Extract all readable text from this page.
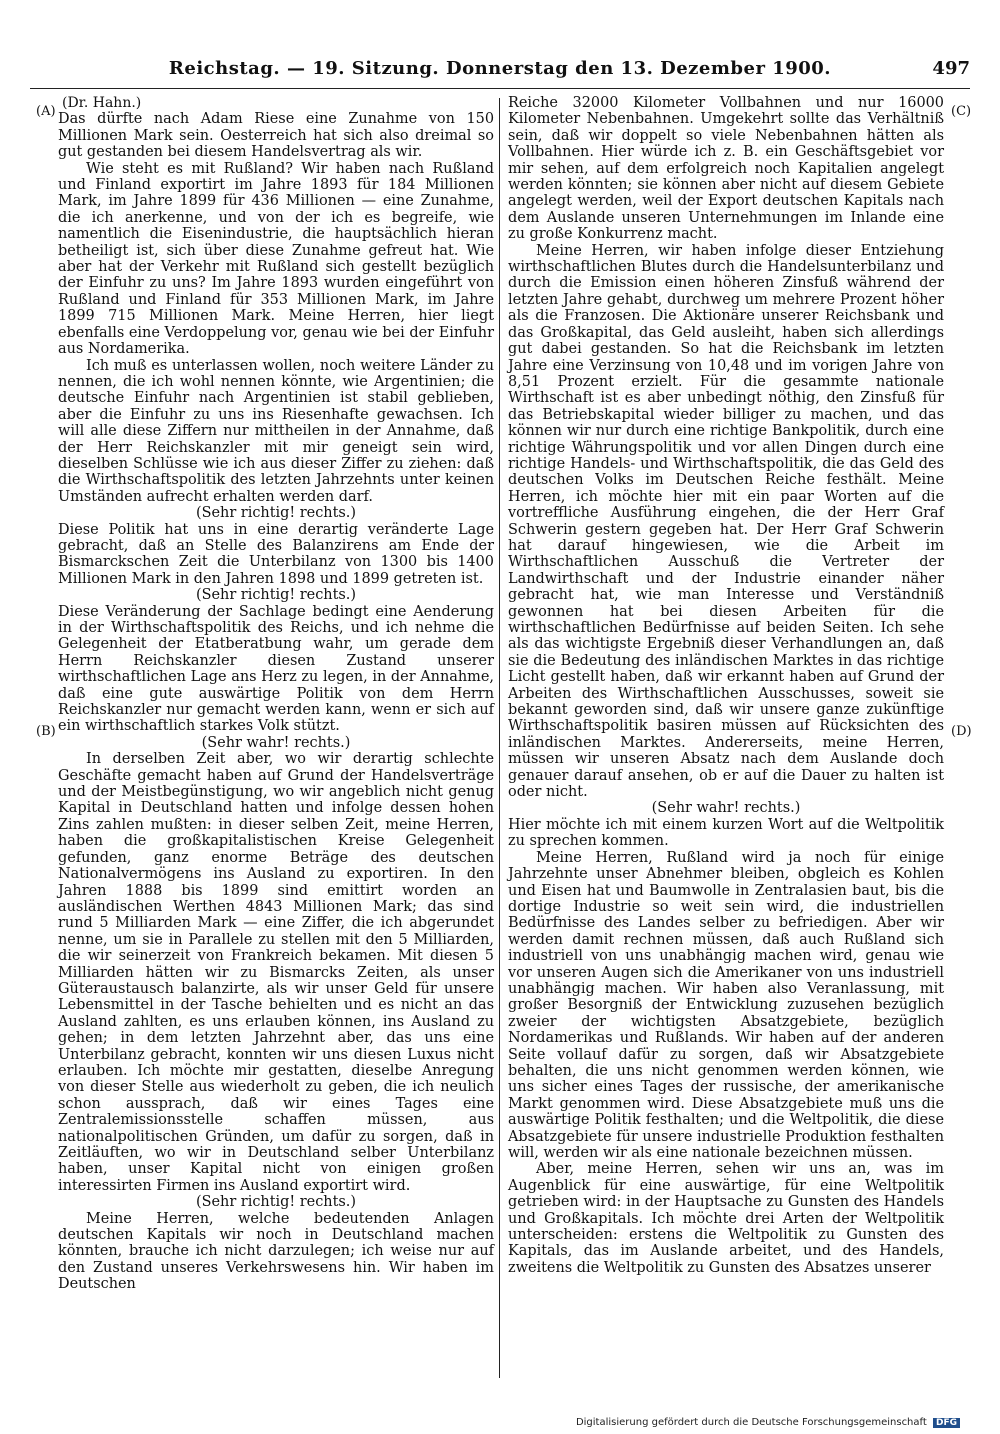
Reichstag. — 19. Sitzung. Donnerstag den 13. Dezember 1900.	497
(A)
(B)
(C)
(D)
(Dr. Hahn.)

Das dürfte nach Adam Riese eine Zunahme von 150 Millionen Mark sein. Oesterreich hat sich also dreimal so gut gestanden bei diesem Handelsvertrag als wir.

Wie steht es mit Rußland? Wir haben nach Rußland und Finland exportirt im Jahre 1893 für 184 Millionen Mark, im Jahre 1899 für 436 Millionen — eine Zunahme, die ich anerkenne, und von der ich es begreife, wie namentlich die Eisenindustrie, die hauptsächlich hieran betheiligt ist, sich über diese Zunahme gefreut hat. Wie aber hat der Verkehr mit Rußland sich gestellt bezüglich der Einfuhr zu uns? Im Jahre 1893 wurden eingeführt von Rußland und Finland für 353 Millionen Mark, im Jahre 1899 715 Millionen Mark. Meine Herren, hier liegt ebenfalls eine Verdoppelung vor, genau wie bei der Einfuhr aus Nordamerika.

Ich muß es unterlassen wollen, noch weitere Länder zu nennen, die ich wohl nennen könnte, wie Argentinien; die deutsche Einfuhr nach Argentinien ist stabil geblieben, aber die Einfuhr zu uns ins Riesenhafte gewachsen. Ich will alle diese Ziffern nur mittheilen in der Annahme, daß der Herr Reichskanzler mit mir geneigt sein wird, dieselben Schlüsse wie ich aus dieser Ziffer zu ziehen: daß die Wirthschaftspolitik des letzten Jahrzehnts unter keinen Umständen aufrecht erhalten werden darf.

(Sehr richtig! rechts.)

Diese Politik hat uns in eine derartig veränderte Lage gebracht, daß an Stelle des Balanzirens am Ende der Bismarckschen Zeit die Unterbilanz von 1300 bis 1400 Millionen Mark in den Jahren 1898 und 1899 getreten ist.

(Sehr richtig! rechts.)

Diese Veränderung der Sachlage bedingt eine Aenderung in der Wirthschaftspolitik des Reichs, und ich nehme die Gelegenheit der Etatberatbung wahr, um gerade dem Herrn Reichskanzler diesen Zustand unserer wirthschaftlichen Lage ans Herz zu legen, in der Annahme, daß eine gute auswärtige Politik von dem Herrn Reichskanzler nur gemacht werden kann, wenn er sich auf ein wirthschaftlich starkes Volk stützt.

(Sehr wahr! rechts.)

In derselben Zeit aber, wo wir derartig schlechte Geschäfte gemacht haben auf Grund der Handelsverträge und der Meistbegünstigung, wo wir angeblich nicht genug Kapital in Deutschland hatten und infolge dessen hohen Zins zahlen mußten: in dieser selben Zeit, meine Herren, haben die großkapitalistischen Kreise Gelegenheit gefunden, ganz enorme Beträge des deutschen Nationalvermögens ins Ausland zu exportiren. In den Jahren 1888 bis 1899 sind emittirt worden an ausländischen Werthen 4843 Millionen Mark; das sind rund 5 Milliarden Mark — eine Ziffer, die ich abgerundet nenne, um sie in Parallele zu stellen mit den 5 Milliarden, die wir seinerzeit von Frankreich bekamen. Mit diesen 5 Milliarden hätten wir zu Bismarcks Zeiten, als unser Güteraustausch balanzirte, als wir unser Geld für unsere Lebensmittel in der Tasche behielten und es nicht an das Ausland zahlten, es uns erlauben können, ins Ausland zu gehen; in dem letzten Jahrzehnt aber, das uns eine Unterbilanz gebracht, konnten wir uns diesen Luxus nicht erlauben. Ich möchte mir gestatten, dieselbe Anregung von dieser Stelle aus wiederholt zu geben, die ich neulich schon aussprach, daß wir eines Tages eine Zentralemissionsstelle schaffen müssen, aus nationalpolitischen Gründen, um dafür zu sorgen, daß in Zeitläuften, wo wir in Deutschland selber Unterbilanz haben, unser Kapital nicht von einigen großen interessirten Firmen ins Ausland exportirt wird.

(Sehr richtig! rechts.)

Meine Herren, welche bedeutenden Anlagen deutschen Kapitals wir noch in Deutschland machen könnten, brauche ich nicht darzulegen; ich weise nur auf den Zustand unseres Verkehrswesens hin. Wir haben im Deutschen

Reiche 32000 Kilometer Vollbahnen und nur 16000 Kilometer Nebenbahnen. Umgekehrt sollte das Verhältniß sein, daß wir doppelt so viele Nebenbahnen hätten als Vollbahnen. Hier würde ich z. B. ein Geschäftsgebiet vor mir sehen, auf dem erfolgreich noch Kapitalien angelegt werden könnten; sie können aber nicht auf diesem Gebiete angelegt werden, weil der Export deutschen Kapitals nach dem Auslande unseren Unternehmungen im Inlande eine zu große Konkurrenz macht.

Meine Herren, wir haben infolge dieser Entziehung wirthschaftlichen Blutes durch die Handelsunterbilanz und durch die Emission einen höheren Zinsfuß während der letzten Jahre gehabt, durchweg um mehrere Prozent höher als die Franzosen. Die Aktionäre unserer Reichsbank und das Großkapital, das Geld ausleiht, haben sich allerdings gut dabei gestanden. So hat die Reichsbank im letzten Jahre eine Verzinsung von 10,48 und im vorigen Jahre von 8,51 Prozent erzielt. Für die gesammte nationale Wirthschaft ist es aber unbedingt nöthig, den Zinsfuß für das Betriebskapital wieder billiger zu machen, und das können wir nur durch eine richtige Bankpolitik, durch eine richtige Währungspolitik und vor allen Dingen durch eine richtige Handels- und Wirthschaftspolitik, die das Geld des deutschen Volks im Deutschen Reiche festhält. Meine Herren, ich möchte hier mit ein paar Worten auf die vortreffliche Ausführung eingehen, die der Herr Graf Schwerin gestern gegeben hat. Der Herr Graf Schwerin hat darauf hingewiesen, wie die Arbeit im Wirthschaftlichen Ausschuß die Vertreter der Landwirthschaft und der Industrie einander näher gebracht hat, wie man Interesse und Verständniß gewonnen hat bei diesen Arbeiten für die wirthschaftlichen Bedürfnisse auf beiden Seiten. Ich sehe als das wichtigste Ergebniß dieser Verhandlungen an, daß sie die Bedeutung des inländischen Marktes in das richtige Licht gestellt haben, daß wir erkannt haben auf Grund der Arbeiten des Wirthschaftlichen Ausschusses, soweit sie bekannt geworden sind, daß wir unsere ganze zukünftige Wirthschaftspolitik basiren müssen auf Rücksichten des inländischen Marktes. Andererseits, meine Herren, müssen wir unseren Absatz nach dem Auslande doch genauer darauf ansehen, ob er auf die Dauer zu halten ist oder nicht.

(Sehr wahr! rechts.)

Hier möchte ich mit einem kurzen Wort auf die Weltpolitik zu sprechen kommen.

Meine Herren, Rußland wird ja noch für einige Jahrzehnte unser Abnehmer bleiben, obgleich es Kohlen und Eisen hat und Baumwolle in Zentralasien baut, bis die dortige Industrie so weit sein wird, die industriellen Bedürfnisse des Landes selber zu befriedigen. Aber wir werden damit rechnen müssen, daß auch Rußland sich industriell von uns unabhängig machen wird, genau wie vor unseren Augen sich die Amerikaner von uns industriell unabhängig machen. Wir haben also Veranlassung, mit großer Besorgniß der Entwicklung zuzusehen bezüglich zweier der wichtigsten Absatzgebiete, bezüglich Nordamerikas und Rußlands. Wir haben auf der anderen Seite vollauf dafür zu sorgen, daß wir Absatzgebiete behalten, die uns nicht genommen werden können, wie uns sicher eines Tages der russische, der amerikanische Markt genommen wird. Diese Absatzgebiete muß uns die auswärtige Politik festhalten; und die Weltpolitik, die diese Absatzgebiete für unsere industrielle Produktion festhalten will, werden wir als eine nationale bezeichnen müssen.

Aber, meine Herren, sehen wir uns an, was im Augenblick für eine auswärtige, für eine Weltpolitik getrieben wird: in der Hauptsache zu Gunsten des Handels und Großkapitals. Ich möchte drei Arten der Weltpolitik unterscheiden: erstens die Weltpolitik zu Gunsten des Kapitals, das im Auslande arbeitet, und des Handels, zweitens die Weltpolitik zu Gunsten des Absatzes unserer

Digitalisierung gefördert durch die Deutsche Forschungsgemeinschaft DFG
